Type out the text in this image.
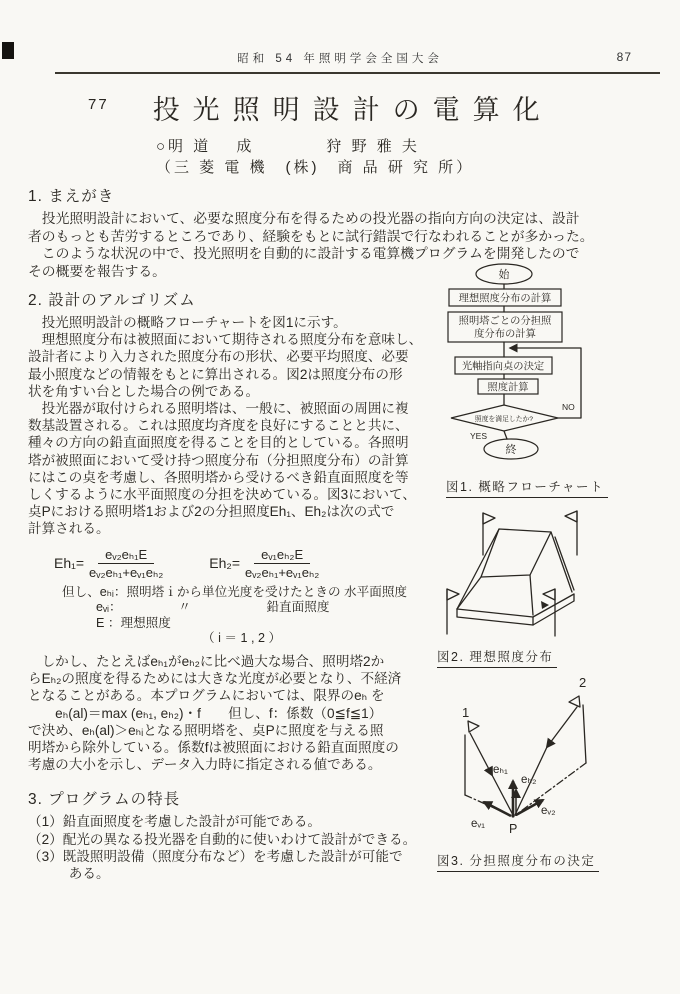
昭和 54 年照明学会全国大会	87
77 投光照明設計の電算化
○明 道　 成　　　　狩 野 雅 夫
（三 菱 電 機　(株)　商 品 研 究 所）
1. まえがき
　投光照明設計において、必要な照度分布を得るための投光器の指向方向の決定は、設計
者のもっとも苦労するところであり、経験をもとに試行錯誤で行なわれることが多かった。
　このような状況の中で、投光照明を自動的に設計する電算機プログラムを開発したので
その概要を報告する。
2. 設計のアルゴリズム
　投光照明設計の概略フローチャートを図1に示す。
　理想照度分布は被照面において期待される照度分布を意味し、
設計者により入力された照度分布の形状、必要平均照度、必要
最小照度などの情報をもとに算出される。図2は照度分布の形
状を角すい台とした場合の例である。
　投光器が取付けられる照明塔は、一般に、被照面の周囲に複
数基設置される。これは照度均斉度を良好にすることと共に、
種々の方向の鉛直面照度を得ることを目的としている。各照明
塔が被照面において受け持つ照度分布（分担照度分布）の計算
にはこの奌を考慮し、各照明塔から受けるべき鉛直面照度を等
しくするように水平面照度の分担を決めている。図3において、
奌Pにおける照明塔1および2の分担照度Eh₁、Eh₂は次の式で
計算される。
$Eh_1= \frac{\text{eᵥ₂eₕ₁E}}{\text{eᵥ₂eₕ₁+eᵥ₁eₕ₂}}$	$Eh_2= \frac{\text{eᵥ₁eₕ₂E}}{\text{eᵥ₂eₕ₁+eᵥ₁eₕ₂}}$
但し、eₕᵢ：照明塔ｉから単位光度を受けたときの 水平面照度
eᵥᵢ：　　　　　〃　　　　　　鉛直面照度
E ：理想照度
（ i ＝ 1 , 2 ）
　しかし、たとえばeₕ₁がeₕ₂に比べ過大な場合、照明塔2か
らEₕ₂の照度を得るためには大きな光度が必要となり、不経済
となることがある。本プログラムにおいては、限界のeₕ を
　　eₕ(al)＝max (eₕ₁, eₕ₂)・f　　但し、f：係数（0≦f≦1）
で決め、eₕ(al)＞eₕᵢとなる照明塔を、奌Pに照度を与える照
明塔から除外している。係数fは被照面における鉛直面照度の
考慮の大小を示し、データ入力時に指定される値である。
3. プログラムの特長
（1）鉛直面照度を考慮した設計が可能である。
（2）配光の異なる投光器を自動的に使いわけて設計ができる。
（3）既設照明設備（照度分布など）を考慮した設計が可能で
　　　ある。
始
理想照度分布の計算
照明塔ごとの分担照
度分布の計算
光軸指向奌の決定
照度計算
照度を満足したか?
NO
YES
終
図1. 概略フローチャート
図2. 理想照度分布
1
2
eₕ₁
eₕ₂
eᵥ₁
eᵥ₂
P
図3. 分担照度分布の決定
